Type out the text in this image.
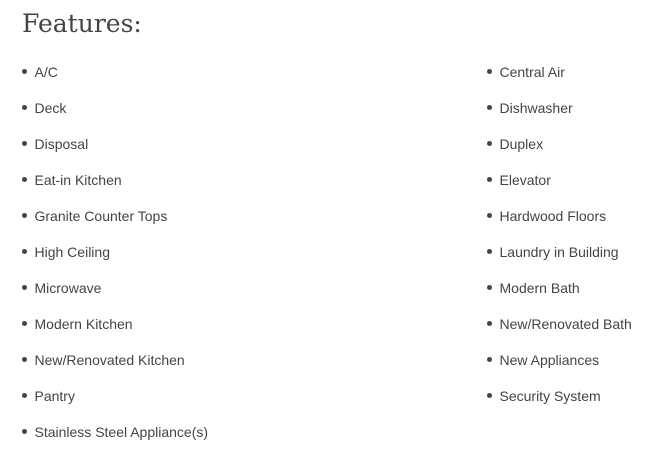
Features:
A/C
Deck
Disposal
Eat-in Kitchen
Granite Counter Tops
High Ceiling
Microwave
Modern Kitchen
New/Renovated Kitchen
Pantry
Stainless Steel Appliance(s)
Central Air
Dishwasher
Duplex
Elevator
Hardwood Floors
Laundry in Building
Modern Bath
New/Renovated Bath
New Appliances
Security System
